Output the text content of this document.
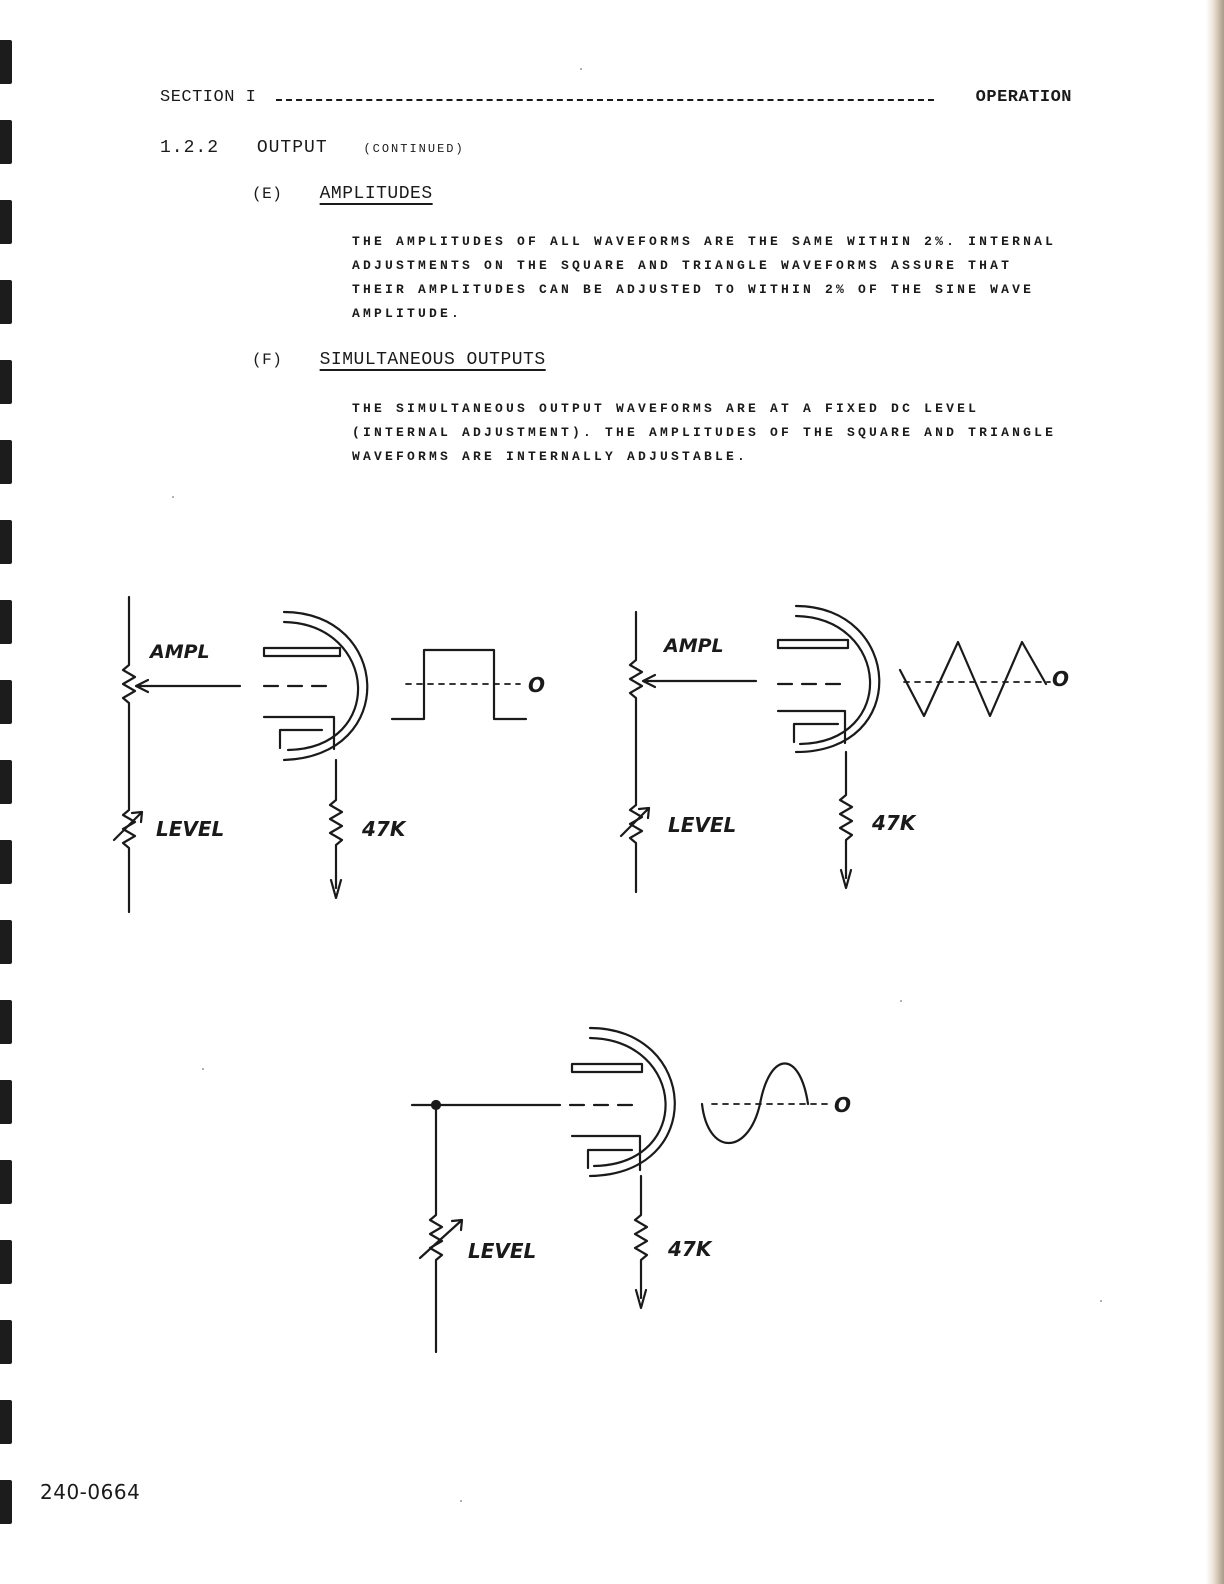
SECTION I	OPERATION
1.2.2 OUTPUT	(CONTINUED)
(E) AMPLITUDES
THE AMPLITUDES OF ALL WAVEFORMS ARE THE SAME WITHIN 2%. INTERNAL ADJUSTMENTS ON THE SQUARE AND TRIANGLE WAVEFORMS ASSURE THAT THEIR AMPLITUDES CAN BE ADJUSTED TO WITHIN 2% OF THE SINE WAVE AMPLITUDE.
(F) SIMULTANEOUS OUTPUTS
THE SIMULTANEOUS OUTPUT WAVEFORMS ARE AT A FIXED DC LEVEL (INTERNAL ADJUSTMENT). THE AMPLITUDES OF THE SQUARE AND TRIANGLE WAVEFORMS ARE INTERNALLY ADJUSTABLE.
AMPL
LEVEL	47K
O
AMPL
LEVEL	47K
O
LEVEL	47K
O
240-0664
